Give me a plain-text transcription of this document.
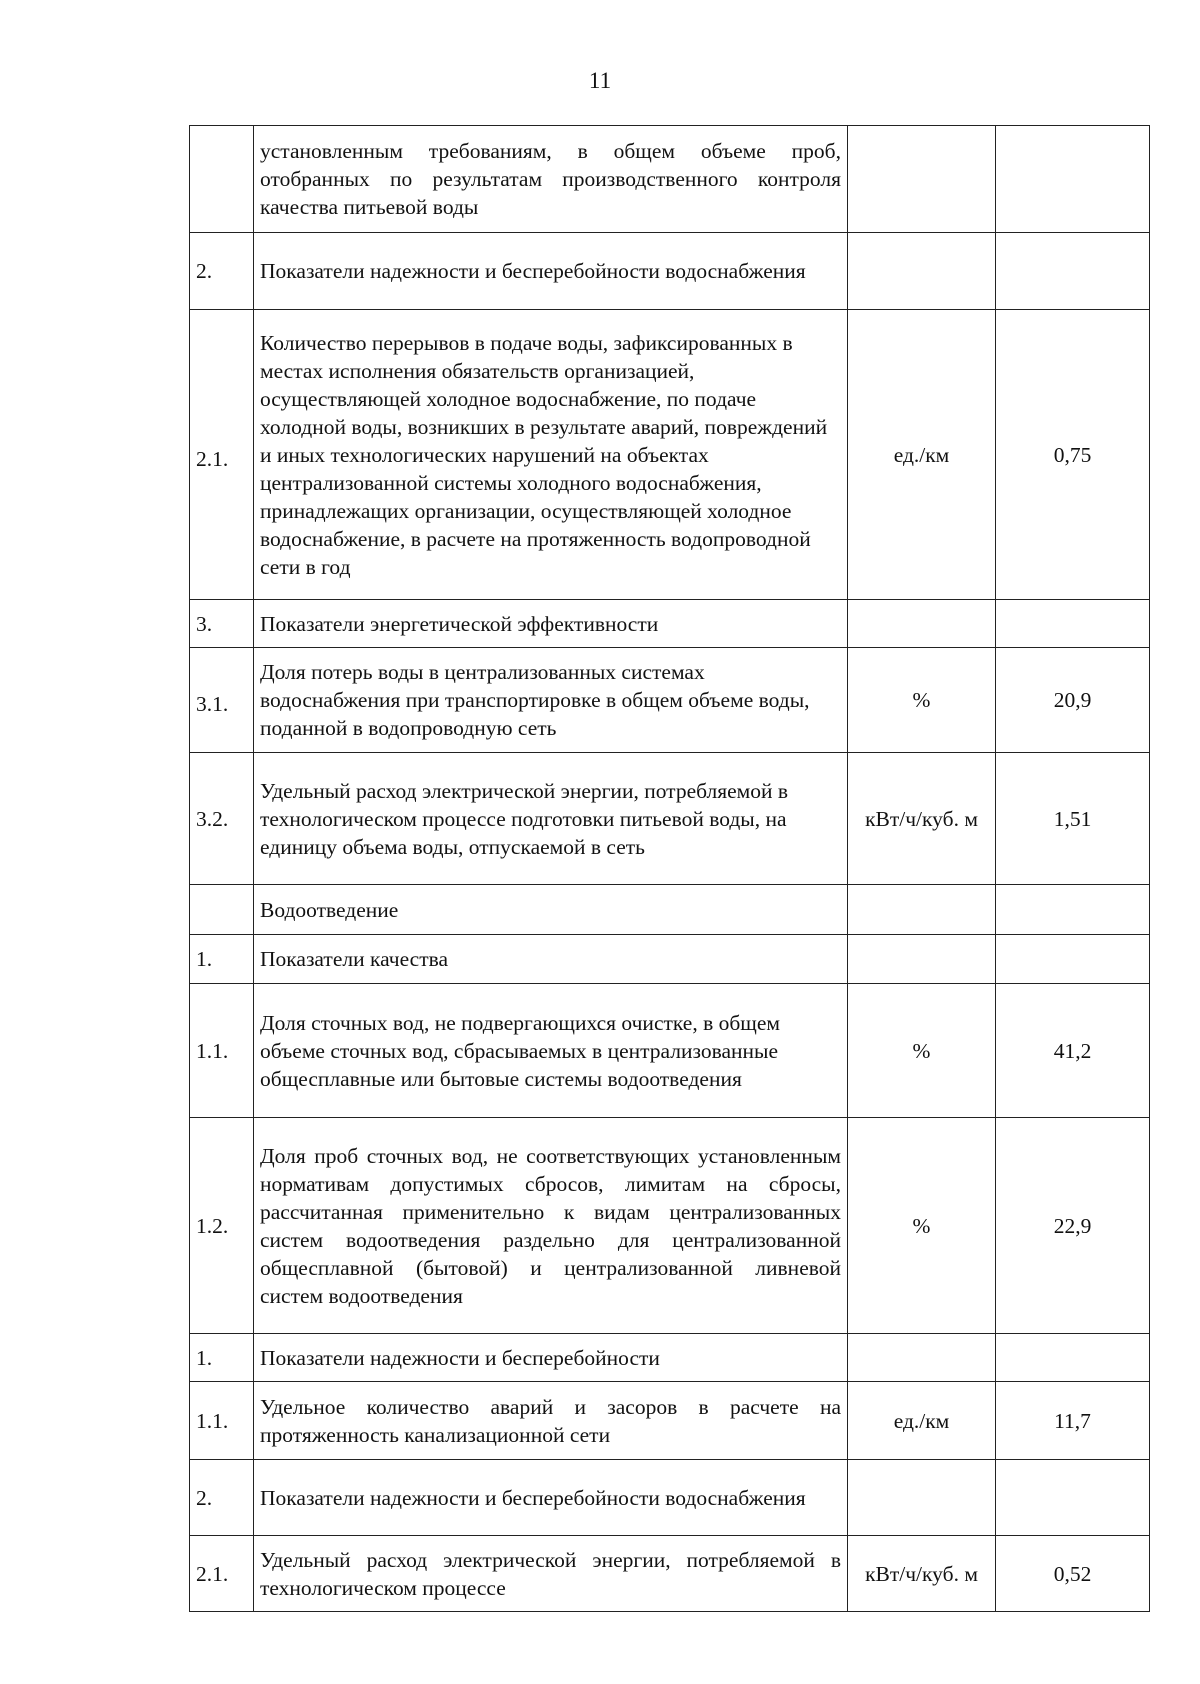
11
	установленным требованиям, в общем объеме проб, отобранных по результатам производственного контроля качества питьевой воды		
2.	Показатели надежности и бесперебойности водоснабжения		
2.1.	Количество перерывов в подаче воды, зафиксированных в местах исполнения обязательств организацией, осуществляющей холодное водоснабжение, по подаче холодной воды, возникших в результате аварий, повреждений и иных технологических нарушений на объектах централизованной системы холодного водоснабжения, принадлежащих организации, осуществляющей холодное водоснабжение, в расчете на протяженность водопроводной сети в год	ед./км	0,75
3.	Показатели энергетической эффективности		
3.1.	Доля потерь воды в централизованных системах водоснабжения при транспортировке в общем объеме воды, поданной в водопроводную сеть	%	20,9
3.2.	Удельный расход электрической энергии, потребляемой в технологическом процессе подготовки питьевой воды, на единицу объема воды, отпускаемой в сеть	кВт/ч/куб. м	1,51
	Водоотведение		
1.	Показатели качества		
1.1.	Доля сточных вод, не подвергающихся очистке, в общем объеме сточных вод, сбрасываемых в централизованные общесплавные или бытовые системы водоотведения	%	41,2
1.2.	Доля проб сточных вод, не соответствующих установленным нормативам допустимых сбросов, лимитам на сбросы, рассчитанная применительно к видам централизованных систем водоотведения раздельно для централизованной общесплавной (бытовой) и централизованной ливневой систем водоотведения	%	22,9
1.	Показатели надежности и бесперебойности		
1.1.	Удельное количество аварий и засоров в расчете на протяженность канализационной сети	ед./км	11,7
2.	Показатели надежности и бесперебойности водоснабжения		
2.1.	Удельный расход электрической энергии, потребляемой в технологическом процессе	кВт/ч/куб. м	0,52
